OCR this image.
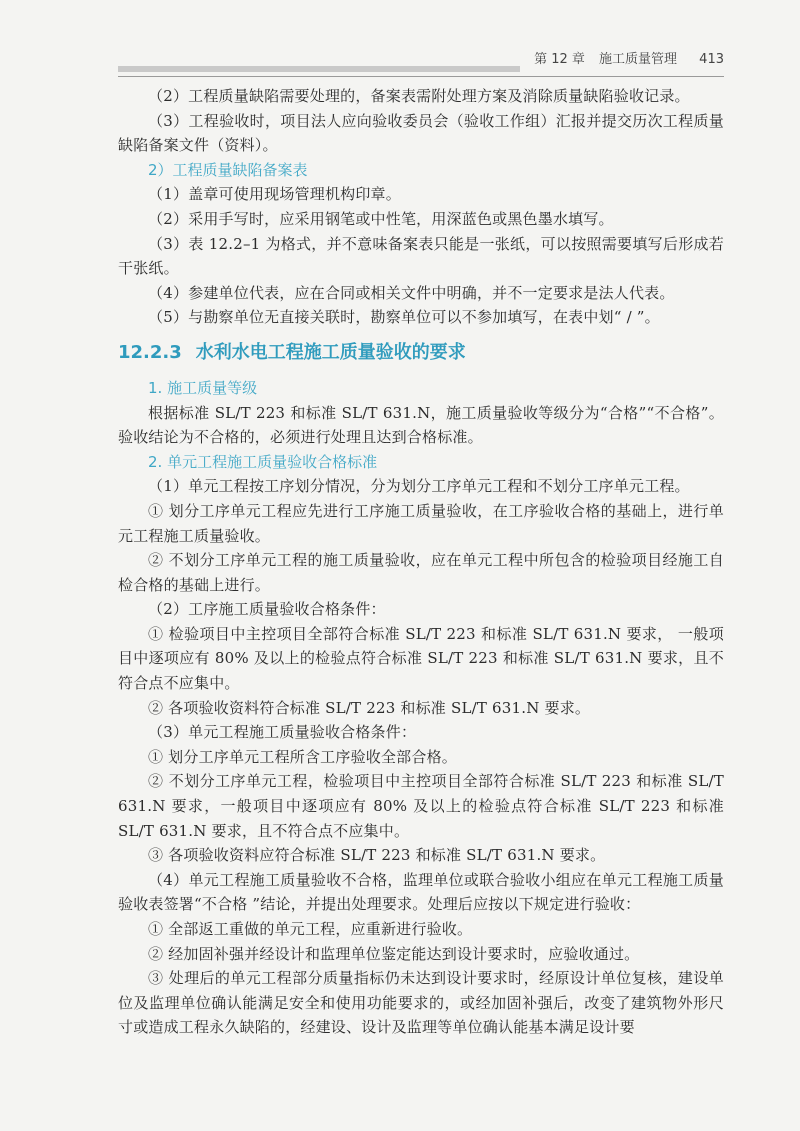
第 12 章 施工质量管理 413

（2）工程质量缺陷需要处理的，备案表需附处理方案及消除质量缺陷验收记录。

（3）工程验收时，项目法人应向验收委员会（验收工作组）汇报并提交历次工程质量缺陷备案文件（资料）。

2）工程质量缺陷备案表

（1）盖章可使用现场管理机构印章。

（2）采用手写时，应采用钢笔或中性笔，用深蓝色或黑色墨水填写。

（3）表 12.2–1 为格式，并不意味备案表只能是一张纸，可以按照需要填写后形成若干张纸。

（4）参建单位代表，应在合同或相关文件中明确，并不一定要求是法人代表。

（5）与勘察单位无直接关联时，勘察单位可以不参加填写，在表中划“ / ”。

12.2.3 水利水电工程施工质量验收的要求
1. 施工质量等级

根据标准 SL/T 223 和标准 SL/T 631.N，施工质量验收等级分为“合格”“不合格”。验收结论为不合格的，必须进行处理且达到合格标准。

2. 单元工程施工质量验收合格标准

（1）单元工程按工序划分情况，分为划分工序单元工程和不划分工序单元工程。

① 划分工序单元工程应先进行工序施工质量验收，在工序验收合格的基础上，进行单元工程施工质量验收。

② 不划分工序单元工程的施工质量验收，应在单元工程中所包含的检验项目经施工自检合格的基础上进行。

（2）工序施工质量验收合格条件：

① 检验项目中主控项目全部符合标准 SL/T 223 和标准 SL/T 631.N 要求， 一般项目中逐项应有 80% 及以上的检验点符合标准 SL/T 223 和标准 SL/T 631.N 要求，且不符合点不应集中。

② 各项验收资料符合标准 SL/T 223 和标准 SL/T 631.N 要求。

（3）单元工程施工质量验收合格条件：

① 划分工序单元工程所含工序验收全部合格。

② 不划分工序单元工程，检验项目中主控项目全部符合标准 SL/T 223 和标准 SL/T 631.N 要求，一般项目中逐项应有 80% 及以上的检验点符合标准 SL/T 223 和标准 SL/T 631.N 要求，且不符合点不应集中。

③ 各项验收资料应符合标准 SL/T 223 和标准 SL/T 631.N 要求。

（4）单元工程施工质量验收不合格，监理单位或联合验收小组应在单元工程施工质量验收表签署“不合格 ”结论，并提出处理要求。处理后应按以下规定进行验收：

① 全部返工重做的单元工程，应重新进行验收。

② 经加固补强并经设计和监理单位鉴定能达到设计要求时，应验收通过。

③ 处理后的单元工程部分质量指标仍未达到设计要求时，经原设计单位复核，建设单位及监理单位确认能满足安全和使用功能要求的，或经加固补强后，改变了建筑物外形尺寸或造成工程永久缺陷的，经建设、设计及监理等单位确认能基本满足设计要
